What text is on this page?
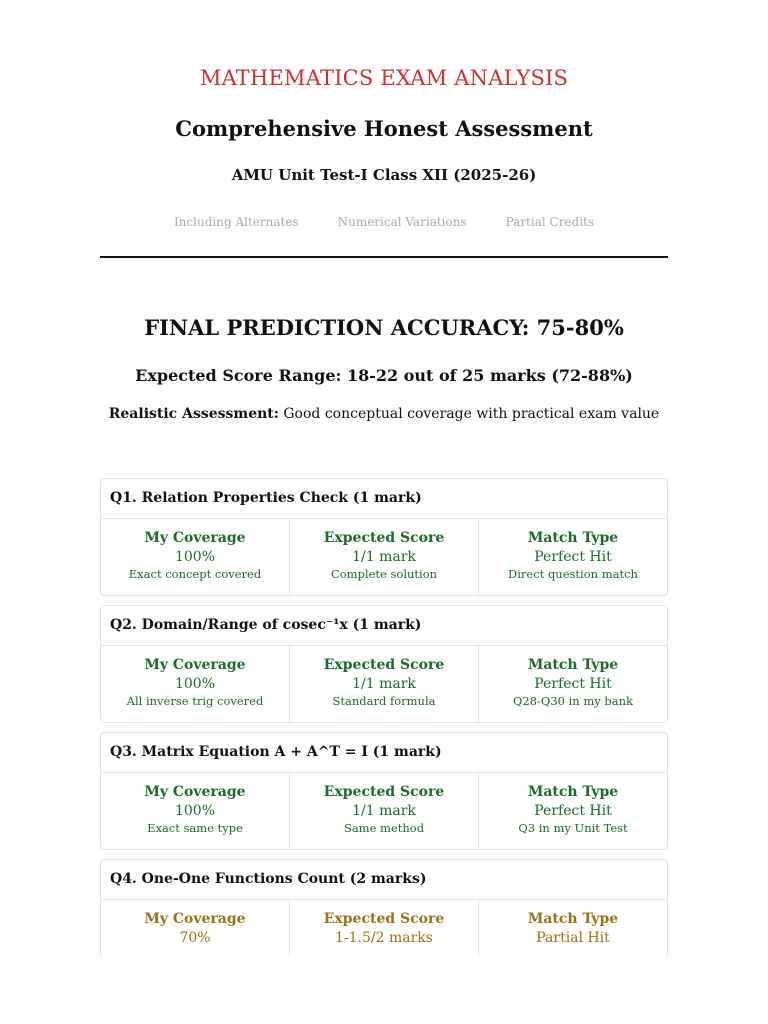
MATHEMATICS EXAM ANALYSIS
Comprehensive Honest Assessment
AMU Unit Test-I Class XII (2025-26)
Including Alternates	Numerical Variations	Partial Credits
FINAL PREDICTION ACCURACY: 75-80%
Expected Score Range: 18-22 out of 25 marks (72-88%)
Realistic Assessment: Good conceptual coverage with practical exam value
Q1. Relation Properties Check (1 mark)
My Coverage
100%
Exact concept covered
Expected Score
1/1 mark
Complete solution
Match Type
Perfect Hit
Direct question match
Q2. Domain/Range of cosec⁻¹x (1 mark)
My Coverage
100%
All inverse trig covered
Expected Score
1/1 mark
Standard formula
Match Type
Perfect Hit
Q28-Q30 in my bank
Q3. Matrix Equation A + A^T = I (1 mark)
My Coverage
100%
Exact same type
Expected Score
1/1 mark
Same method
Match Type
Perfect Hit
Q3 in my Unit Test
Q4. One-One Functions Count (2 marks)
My Coverage
70%
Expected Score
1-1.5/2 marks
Match Type
Partial Hit
